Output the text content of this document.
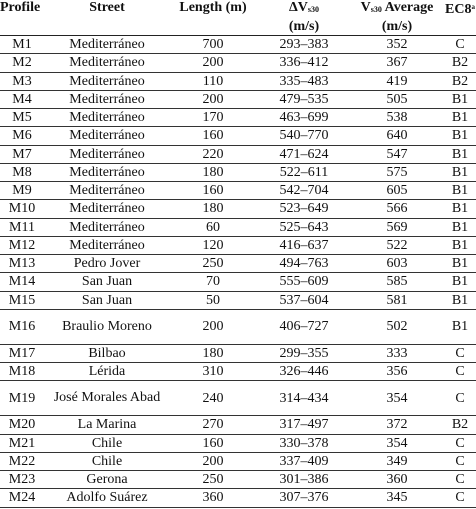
Profile	Street	Length (m)	ΔVs30	Vs30 Average	EC8$^a$
			(m/s)	(m/s)	
M1	Mediterráneo	700	293–383	352	C
M2	Mediterráneo	200	336–412	367	B2
M3	Mediterráneo	110	335–483	419	B2
M4	Mediterráneo	200	479–535	505	B1
M5	Mediterráneo	170	463–699	538	B1
M6	Mediterráneo	160	540–770	640	B1
M7	Mediterráneo	220	471–624	547	B1
M8	Mediterráneo	180	522–611	575	B1
M9	Mediterráneo	160	542–704	605	B1
M10	Mediterráneo	180	523–649	566	B1
M11	Mediterráneo	60	525–643	569	B1
M12	Mediterráneo	120	416–637	522	B1
M13	Pedro Jover	250	494–763	603	B1
M14	San Juan	70	555–609	585	B1
M15	San Juan	50	537–604	581	B1
M16	Braulio Moreno	200	406–727	502	B1
M17	Bilbao	180	299–355	333	C
M18	Lérida	310	326–446	356	C
M19	José Morales Abad	240	314–434	354	C
M20	La Marina	270	317–497	372	B2
M21	Chile	160	330–378	354	C
M22	Chile	200	337–409	349	C
M23	Gerona	250	301–386	360	C
M24	Adolfo Suárez	360	307–376	345	C
